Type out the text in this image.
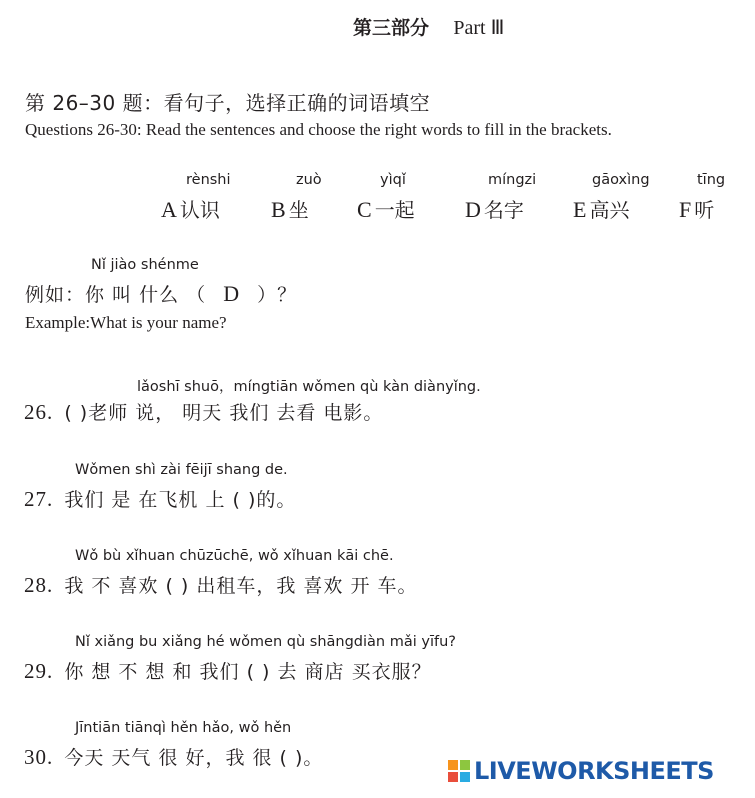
第三部分 Part Ⅲ
第 26–30 题：看句子，选择正确的词语填空
Questions 26-30: Read the sentences and choose the right words to fill in the brackets.
rènshi	zuò	yìqǐ	míngzi	gāoxìng	tīng
A 认识 B 坐 C 一起 D 名字 E 高兴 F 听
Nǐ jiào shénme
例如：你 叫 什么 （ D ）？
Example:What is your name?
lǎoshī shuō，míngtiān wǒmen qù kàn diànyǐng.
26. ( )老师 说， 明天 我们 去看 电影。
Wǒmen shì zài fēijī shang de.
27. 我们 是 在飞机 上 ( )的。
Wǒ bù xǐhuan chūzūchē, wǒ xǐhuan kāi chē.
28. 我 不 喜欢 ( ) 出租车，我 喜欢 开 车。
Nǐ xiǎng bu xiǎng hé wǒmen qù shāngdiàn mǎi yīfu?
29. 你 想 不 想 和 我们 ( ) 去 商店 买衣服？
Jīntiān tiānqì hěn hǎo, wǒ hěn
30. 今天 天气 很 好，我 很 ( )。	LIVEWORKSHEETS
